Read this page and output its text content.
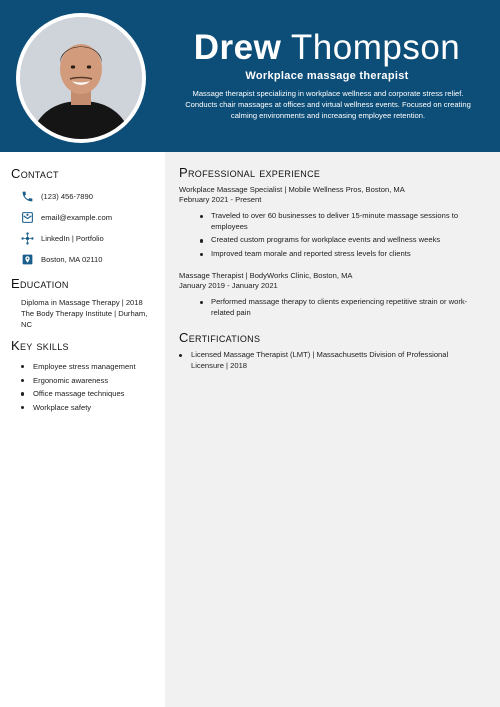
Drew Thompson
Workplace massage therapist
Massage therapist specializing in workplace wellness and corporate stress relief. Conducts chair massages at offices and virtual wellness events. Focused on creating calming environments and increasing employee retention.
Contact
(123) 456-7890
email@example.com
LinkedIn | Portfolio
Boston, MA 02110
Education
Diploma in Massage Therapy | 2018 The Body Therapy Institute | Durham, NC
Key skills
Employee stress management
Ergonomic awareness
Office massage techniques
Workplace safety
Professional experience
Workplace Massage Specialist | Mobile Wellness Pros, Boston, MA
February 2021 - Present
Traveled to over 60 businesses to deliver 15-minute massage sessions to employees
Created custom programs for workplace events and wellness weeks
Improved team morale and reported stress levels for clients
Massage Therapist | BodyWorks Clinic, Boston, MA
January 2019 - January 2021
Performed massage therapy to clients experiencing repetitive strain or work-related pain
Certifications
Licensed Massage Therapist (LMT) | Massachusetts Division of Professional Licensure | 2018
